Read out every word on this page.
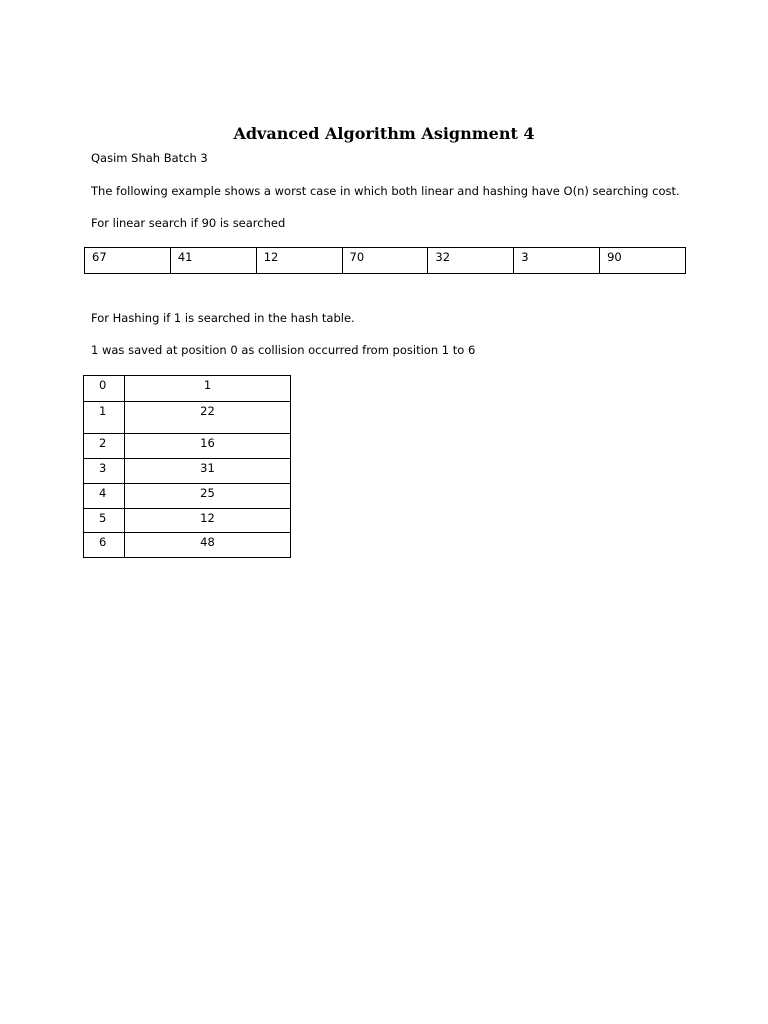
Advanced Algorithm Asignment 4

Qasim Shah Batch 3

The following example shows a worst case in which both linear and hashing have O(n) searching cost.

For linear search if 90 is searched

67	41	12	70	32	3	90

For Hashing if 1 is searched in the hash table.

1 was saved at position 0 as collision occurred from position 1 to 6

0	1
1	22
2	16
3	31
4	25
5	12
6	48
